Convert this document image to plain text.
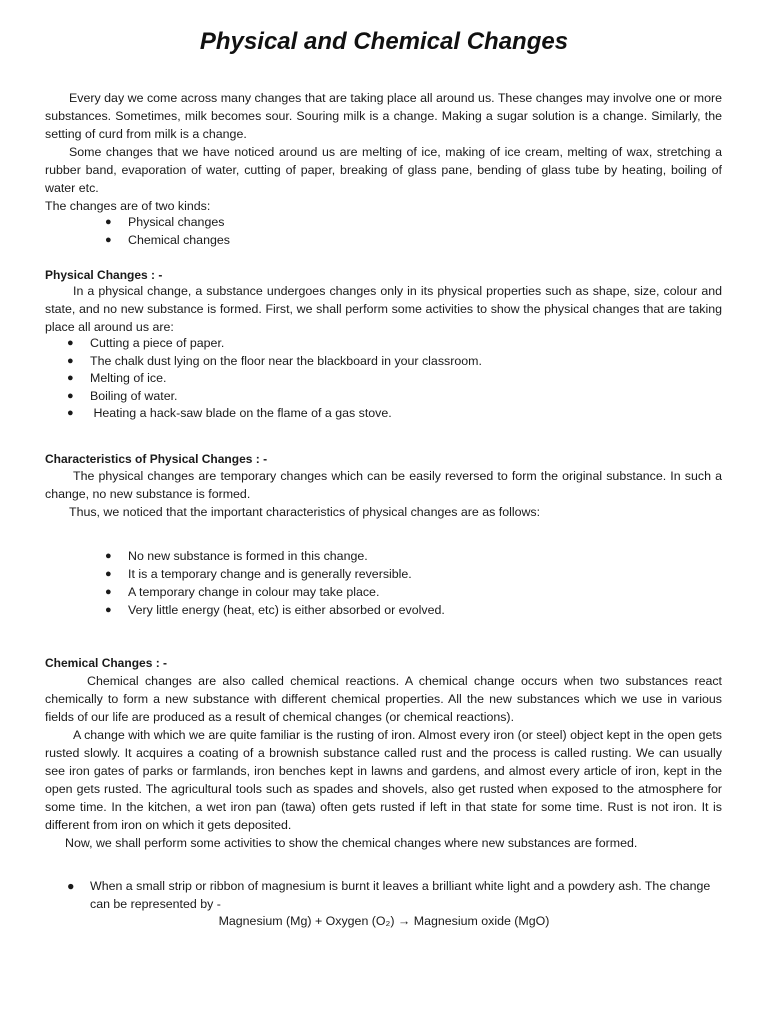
Physical and Chemical Changes

Every day we come across many changes that are taking place all around us. These changes may involve one or more substances. Sometimes, milk becomes sour. Souring milk is a change. Making a sugar solution is a change. Similarly, the setting of curd from milk is a change.

Some changes that we have noticed around us are melting of ice, making of ice cream, melting of wax, stretching a rubber band, evaporation of water, cutting of paper, breaking of glass pane, bending of glass tube by heating, boiling of water etc.

The changes are of two kinds:

● Physical changes
● Chemical changes

Physical Changes : -

In a physical change, a substance undergoes changes only in its physical properties such as shape, size, colour and state, and no new substance is formed. First, we shall perform some activities to show the physical changes that are taking place all around us are:

● Cutting a piece of paper.
● The chalk dust lying on the floor near the blackboard in your classroom.
● Melting of ice.
● Boiling of water.
● Heating a hack-saw blade on the flame of a gas stove.

Characteristics of Physical Changes : -

The physical changes are temporary changes which can be easily reversed to form the original substance. In such a change, no new substance is formed.

Thus, we noticed that the important characteristics of physical changes are as follows:

● No new substance is formed in this change.
● It is a temporary change and is generally reversible.
● A temporary change in colour may take place.
● Very little energy (heat, etc) is either absorbed or evolved.

Chemical Changes : -

Chemical changes are also called chemical reactions. A chemical change occurs when two substances react chemically to form a new substance with different chemical properties. All the new substances which we use in various fields of our life are produced as a result of chemical changes (or chemical reactions).

A change with which we are quite familiar is the rusting of iron. Almost every iron (or steel) object kept in the open gets rusted slowly. It acquires a coating of a brownish substance called rust and the process is called rusting. We can usually see iron gates of parks or farmlands, iron benches kept in lawns and gardens, and almost every article of iron, kept in the open gets rusted. The agricultural tools such as spades and shovels, also get rusted when exposed to the atmosphere for some time. In the kitchen, a wet iron pan (tawa) often gets rusted if left in that state for some time. Rust is not iron. It is different from iron on which it gets deposited.

Now, we shall perform some activities to show the chemical changes where new substances are formed.

● When a small strip or ribbon of magnesium is burnt it leaves a brilliant white light and a powdery ash. The change can be represented by -
Magnesium (Mg) + Oxygen (O₂) → Magnesium oxide (MgO)
